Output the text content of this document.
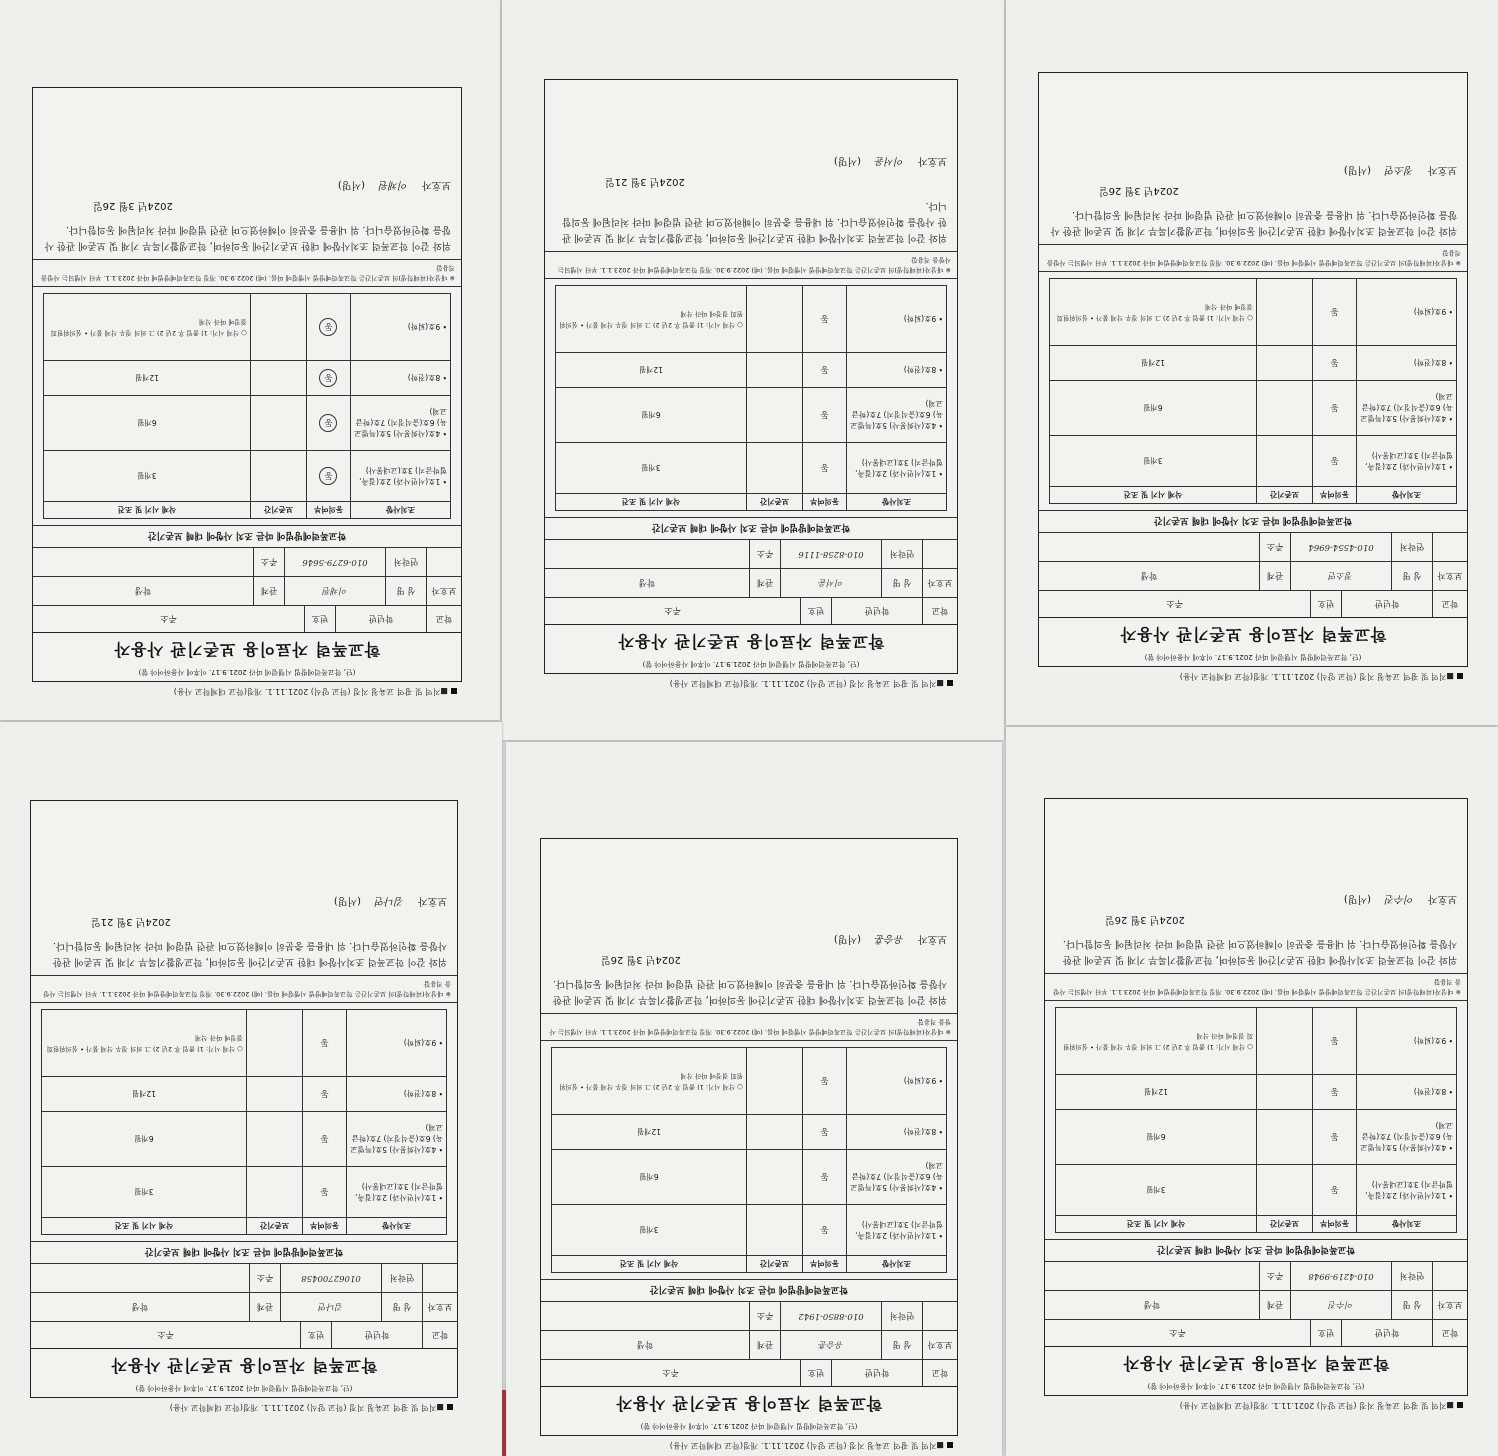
■지역 및 광역 교육청 지정 (학교 양식) 2021.11.1. 개정(학교 대체학교 사용)
(단, 학교폭력예방법 시행령에 따라 2021.9.17. 이후에 사용하여야 함)
학교폭력 자료이용 보존기관 사용자
학교
학년반
번호
주소
보호자
성 명
이채원
관계
학생
연락처
010-6279-5646
주소
학교폭력예방법에 따른 조치 사항에 대해 보존기간
조치사항
동의여부
보존기간
삭제 시기 및 조건
• 1호(서면사과) 2호(접촉, 협박금지) 3호(교내봉사)
동
3개월
• 4호(사회봉사) 5호(특별교육) 6호(출석정지) 7호(학급교체)
동
6개월
• 8호(전학)
동
12개월
• 9호(퇴학)
동
○ 삭제 시기: 1) 졸업 후 2년 2) 그 외의 경우 삭제 불가 • 심의위원회 결정에 따라 삭제
※ 대상자(피해학생)의 보존기간은 학교폭력예방법 시행령에 따름. (예) 2022.9.30. 개정 학교폭력예방법에 따라 2023.1.1. 부터 시행되는 사항을 적용함
위와 같이 학교폭력 조치사항에 대한 보존기간에 동의하며, 학교생활기록부 기재 및 보존에 관한 사항을 확인하였습니다. 위 내용을 충분히 이해하였으며 관련 법령에 따라 처리됨에 동의합니다.
2024년 3월 26일
보호자
이채원
(서명)
■지역 및 광역 교육청 지정 (학교 양식) 2021.11.1. 개정(학교 대체학교 사용)
(단, 학교폭력예방법 시행령에 따라 2021.9.17. 이후에 사용하여야 함)
학교폭력 자료이용 보존기관 사용자
학교
학년반
번호
주소
보호자
성 명
이서윤
관계
학생
연락처
010-8258-1116
주소
학교폭력예방법에 따른 조치 사항에 대해 보존기간
조치사항
동의여부
보존기간
삭제 시기 및 조건
• 1호(서면사과) 2호(접촉, 협박금지) 3호(교내봉사)
동
3개월
• 4호(사회봉사) 5호(특별교육) 6호(출석정지) 7호(학급교체)
동
6개월
• 8호(전학)
동
12개월
• 9호(퇴학)
동
○ 삭제 시기: 1) 졸업 후 2년 2) 그 외의 경우 삭제 불가 • 심의위원회 결정에 따라 삭제
※ 대상자(피해학생)의 보존기간은 학교폭력예방법 시행령에 따름. (예) 2022.9.30. 개정 학교폭력예방법에 따라 2023.1.1. 부터 시행되는 사항을 적용함
위와 같이 학교폭력 조치사항에 대한 보존기간에 동의하며, 학교생활기록부 기재 및 보존에 관한 사항을 확인하였습니다. 위 내용을 충분히 이해하였으며 관련 법령에 따라 처리됨에 동의합니다.
2024년 3월 21일
보호자
이서윤
(서명)
■지역 및 광역 교육청 지정 (학교 양식) 2021.11.1. 개정(학교 대체학교 사용)
(단, 학교폭력예방법 시행령에 따라 2021.9.17. 이후에 사용하여야 함)
학교폭력 자료이용 보존기관 사용자
학교
학년반
번호
주소
보호자
성 명
정소연
관계
학생
연락처
010-4554-6964
주소
학교폭력예방법에 따른 조치 사항에 대해 보존기간
조치사항
동의여부
보존기간
삭제 시기 및 조건
• 1호(서면사과) 2호(접촉, 협박금지) 3호(교내봉사)
동
3개월
• 4호(사회봉사) 5호(특별교육) 6호(출석정지) 7호(학급교체)
동
6개월
• 8호(전학)
동
12개월
• 9호(퇴학)
동
○ 삭제 시기: 1) 졸업 후 2년 2) 그 외의 경우 삭제 불가 • 심의위원회 결정에 따라 삭제
※ 대상자(피해학생)의 보존기간은 학교폭력예방법 시행령에 따름. (예) 2022.9.30. 개정 학교폭력예방법에 따라 2023.1.1. 부터 시행되는 사항을 적용함
위와 같이 학교폭력 조치사항에 대한 보존기간에 동의하며, 학교생활기록부 기재 및 보존에 관한 사항을 확인하였습니다. 위 내용을 충분히 이해하였으며 관련 법령에 따라 처리됨에 동의합니다.
2024년 3월 26일
보호자
정소연
(서명)
■지역 및 광역 교육청 지정 (학교 양식) 2021.11.1. 개정(학교 대체학교 사용)
(단, 학교폭력예방법 시행령에 따라 2021.9.17. 이후에 사용하여야 함)
학교폭력 자료이용 보존기관 사용자
학교
학년반
번호
주소
보호자
성 명
김나연
관계
학생
연락처
01062700458
주소
학교폭력예방법에 따른 조치 사항에 대해 보존기간
조치사항
동의여부
보존기간
삭제 시기 및 조건
• 1호(서면사과) 2호(접촉, 협박금지) 3호(교내봉사)
동
3개월
• 4호(사회봉사) 5호(특별교육) 6호(출석정지) 7호(학급교체)
동
6개월
• 8호(전학)
동
12개월
• 9호(퇴학)
동
○ 삭제 시기: 1) 졸업 후 2년 2) 그 외의 경우 삭제 불가 • 심의위원회 결정에 따라 삭제
※ 대상자(피해학생)의 보존기간은 학교폭력예방법 시행령에 따름. (예) 2022.9.30. 개정 학교폭력예방법에 따라 2023.1.1. 부터 시행되는 사항을 적용함
위와 같이 학교폭력 조치사항에 대한 보존기간에 동의하며, 학교생활기록부 기재 및 보존에 관한 사항을 확인하였습니다. 위 내용을 충분히 이해하였으며 관련 법령에 따라 처리됨에 동의합니다.
2024년 3월 21일
보호자
김나연
(서명)
■지역 및 광역 교육청 지정 (학교 양식) 2021.11.1. 개정(학교 대체학교 사용)
(단, 학교폭력예방법 시행령에 따라 2021.9.17. 이후에 사용하여야 함)
학교폭력 자료이용 보존기관 사용자
학교
학년반
번호
주소
보호자
성 명
유승훈
관계
학생
연락처
010-8850-1942
주소
학교폭력예방법에 따른 조치 사항에 대해 보존기간
조치사항
동의여부
보존기간
삭제 시기 및 조건
• 1호(서면사과) 2호(접촉, 협박금지) 3호(교내봉사)
동
3개월
• 4호(사회봉사) 5호(특별교육) 6호(출석정지) 7호(학급교체)
동
6개월
• 8호(전학)
동
12개월
• 9호(퇴학)
동
○ 삭제 시기: 1) 졸업 후 2년 2) 그 외의 경우 삭제 불가 • 심의위원회 결정에 따라 삭제
※ 대상자(피해학생)의 보존기간은 학교폭력예방법 시행령에 따름. (예) 2022.9.30. 개정 학교폭력예방법에 따라 2023.1.1. 부터 시행되는 사항을 적용함
위와 같이 학교폭력 조치사항에 대한 보존기간에 동의하며, 학교생활기록부 기재 및 보존에 관한 사항을 확인하였습니다. 위 내용을 충분히 이해하였으며 관련 법령에 따라 처리됨에 동의합니다.
2024년 3월 26일
보호자
유승훈
(서명)
■지역 및 광역 교육청 지정 (학교 양식) 2021.11.1. 개정(학교 대체학교 사용)
(단, 학교폭력예방법 시행령에 따라 2021.9.17. 이후에 사용하여야 함)
학교폭력 자료이용 보존기관 사용자
학교
학년반
번호
주소
보호자
성 명
이수진
관계
학생
연락처
010-4219-9948
주소
학교폭력예방법에 따른 조치 사항에 대해 보존기간
조치사항
동의여부
보존기간
삭제 시기 및 조건
• 1호(서면사과) 2호(접촉, 협박금지) 3호(교내봉사)
동
3개월
• 4호(사회봉사) 5호(특별교육) 6호(출석정지) 7호(학급교체)
동
6개월
• 8호(전학)
동
12개월
• 9호(퇴학)
동
○ 삭제 시기: 1) 졸업 후 2년 2) 그 외의 경우 삭제 불가 • 심의위원회 결정에 따라 삭제
※ 대상자(피해학생)의 보존기간은 학교폭력예방법 시행령에 따름. (예) 2022.9.30. 개정 학교폭력예방법에 따라 2023.1.1. 부터 시행되는 사항을 적용함
위와 같이 학교폭력 조치사항에 대한 보존기간에 동의하며, 학교생활기록부 기재 및 보존에 관한 사항을 확인하였습니다. 위 내용을 충분히 이해하였으며 관련 법령에 따라 처리됨에 동의합니다.
2024년 3월 26일
보호자
이수진
(서명)
